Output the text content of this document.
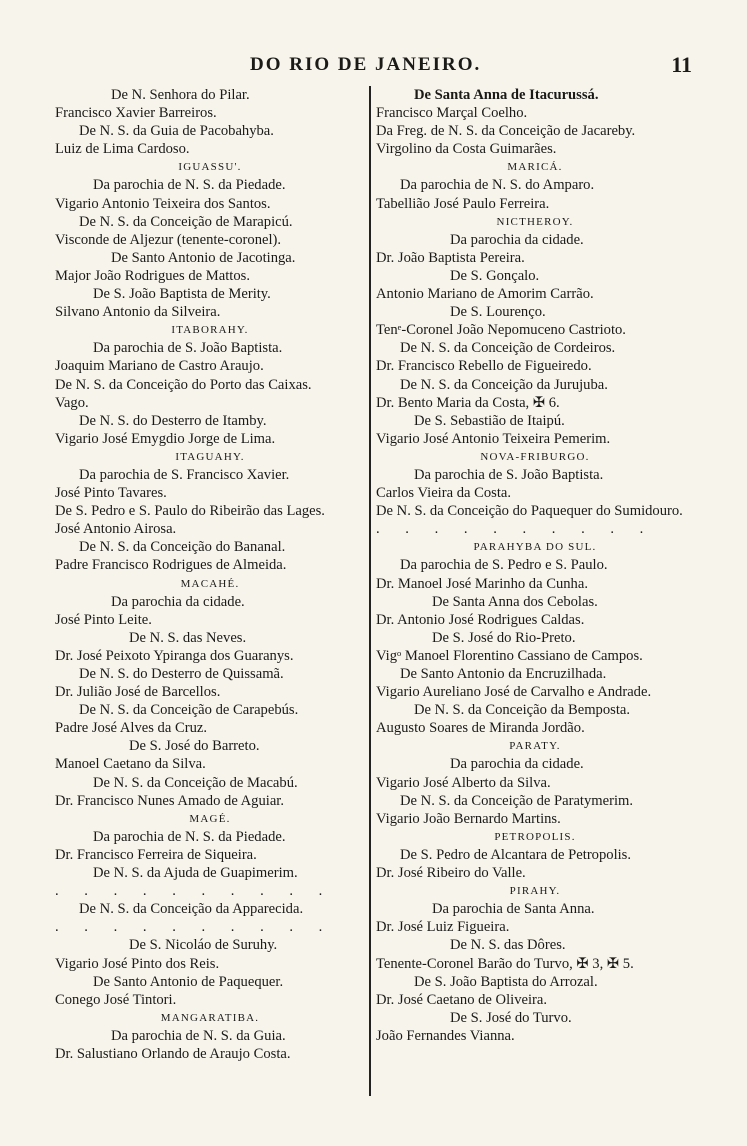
DO RIO DE JANEIRO.	11
De N. Senhora do Pilar.
Francisco Xavier Barreiros.
De N. S. da Guia de Pacobahyba.
Luiz de Lima Cardoso.
IGUASSU'.
Da parochia de N. S. da Piedade.
Vigario Antonio Teixeira dos Santos.
De N. S. da Conceição de Marapicú.
Visconde de Aljezur (tenente-coronel).
De Santo Antonio de Jacotinga.
Major João Rodrigues de Mattos.
De S. João Baptista de Merity.
Silvano Antonio da Silveira.
ITABORAHY.
Da parochia de S. João Baptista.
Joaquim Mariano de Castro Araujo.
De N. S. da Conceição do Porto das Caixas.
Vago.
De N. S. do Desterro de Itamby.
Vigario José Emygdio Jorge de Lima.
ITAGUAHY.
Da parochia de S. Francisco Xavier.
José Pinto Tavares.
De S. Pedro e S. Paulo do Ribeirão das Lages.
José Antonio Airosa.
De N. S. da Conceição do Bananal.
Padre Francisco Rodrigues de Almeida.
MACAHÉ.
Da parochia da cidade.
José Pinto Leite.
De N. S. das Neves.
Dr. José Peixoto Ypiranga dos Guaranys.
De N. S. do Desterro de Quissamã.
Dr. Julião José de Barcellos.
De N. S. da Conceição de Carapebús.
Padre José Alves da Cruz.
De S. José do Barreto.
Manoel Caetano da Silva.
De N. S. da Conceição de Macabú.
Dr. Francisco Nunes Amado de Aguiar.
MAGÉ.
Da parochia de N. S. da Piedade.
Dr. Francisco Ferreira de Siqueira.
De N. S. da Ajuda de Guapimerim.
. . . . . . . . . .
De N. S. da Conceição da Apparecida.
. . . . . . . . . .
De S. Nicoláo de Suruhy.
Vigario José Pinto dos Reis.
De Santo Antonio de Paquequer.
Conego José Tintori.
MANGARATIBA.
Da parochia de N. S. da Guia.
Dr. Salustiano Orlando de Araujo Costa.
De Santa Anna de Itacurussá.
Francisco Marçal Coelho.
Da Freg. de N. S. da Conceição de Jacareby.
Virgolino da Costa Guimarães.
MARICÁ.
Da parochia de N. S. do Amparo.
Tabellião José Paulo Ferreira.
NICTHEROY.
Da parochia da cidade.
Dr. João Baptista Pereira.
De S. Gonçalo.
Antonio Mariano de Amorim Carrão.
De S. Lourenço.
Tenᵉ-Coronel João Nepomuceno Castrioto.
De N. S. da Conceição de Cordeiros.
Dr. Francisco Rebello de Figueiredo.
De N. S. da Conceição da Jurujuba.
Dr. Bento Maria da Costa, ✠ 6.
De S. Sebastião de Itaipú.
Vigario José Antonio Teixeira Pemerim.
NOVA-FRIBURGO.
Da parochia de S. João Baptista.
Carlos Vieira da Costa.
De N. S. da Conceição do Paquequer do Sumidouro.
. . . . . . . . . .
PARAHYBA DO SUL.
Da parochia de S. Pedro e S. Paulo.
Dr. Manoel José Marinho da Cunha.
De Santa Anna dos Cebolas.
Dr. Antonio José Rodrigues Caldas.
De S. José do Rio-Preto.
Vigᵒ Manoel Florentino Cassiano de Campos.
De Santo Antonio da Encruzilhada.
Vigario Aureliano José de Carvalho e Andrade.
De N. S. da Conceição da Bemposta.
Augusto Soares de Miranda Jordão.
PARATY.
Da parochia da cidade.
Vigario José Alberto da Silva.
De N. S. da Conceição de Paratymerim.
Vigario João Bernardo Martins.
PETROPOLIS.
De S. Pedro de Alcantara de Petropolis.
Dr. José Ribeiro do Valle.
PIRAHY.
Da parochia de Santa Anna.
Dr. José Luiz Figueira.
De N. S. das Dôres.
Tenente-Coronel Barão do Turvo, ✠ 3, ✠ 5.
De S. João Baptista do Arrozal.
Dr. José Caetano de Oliveira.
De S. José do Turvo.
João Fernandes Vianna.
